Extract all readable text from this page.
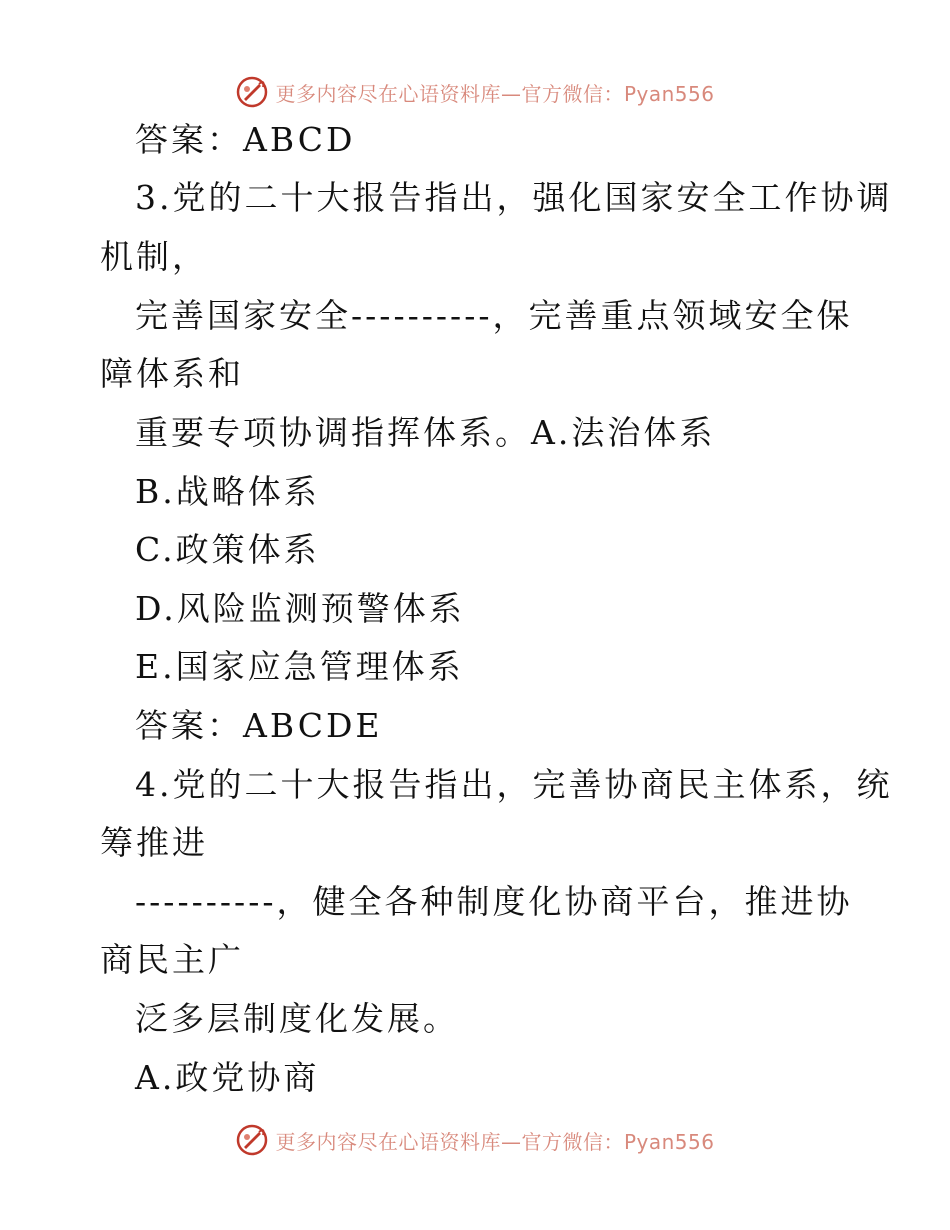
更多内容尽在心语资料库—官方微信：Pyan556
答案：ABCD
3.党的二十大报告指出，强化国家安全工作协调
机制，
完善国家安全----------，完善重点领域安全保
障体系和
重要专项协调指挥体系。A.法治体系
B.战略体系
C.政策体系
D.风险监测预警体系
E.国家应急管理体系
答案：ABCDE
4.党的二十大报告指出，完善协商民主体系，统
筹推进
----------，健全各种制度化协商平台，推进协
商民主广
泛多层制度化发展。
A.政党协商
更多内容尽在心语资料库—官方微信：Pyan556
